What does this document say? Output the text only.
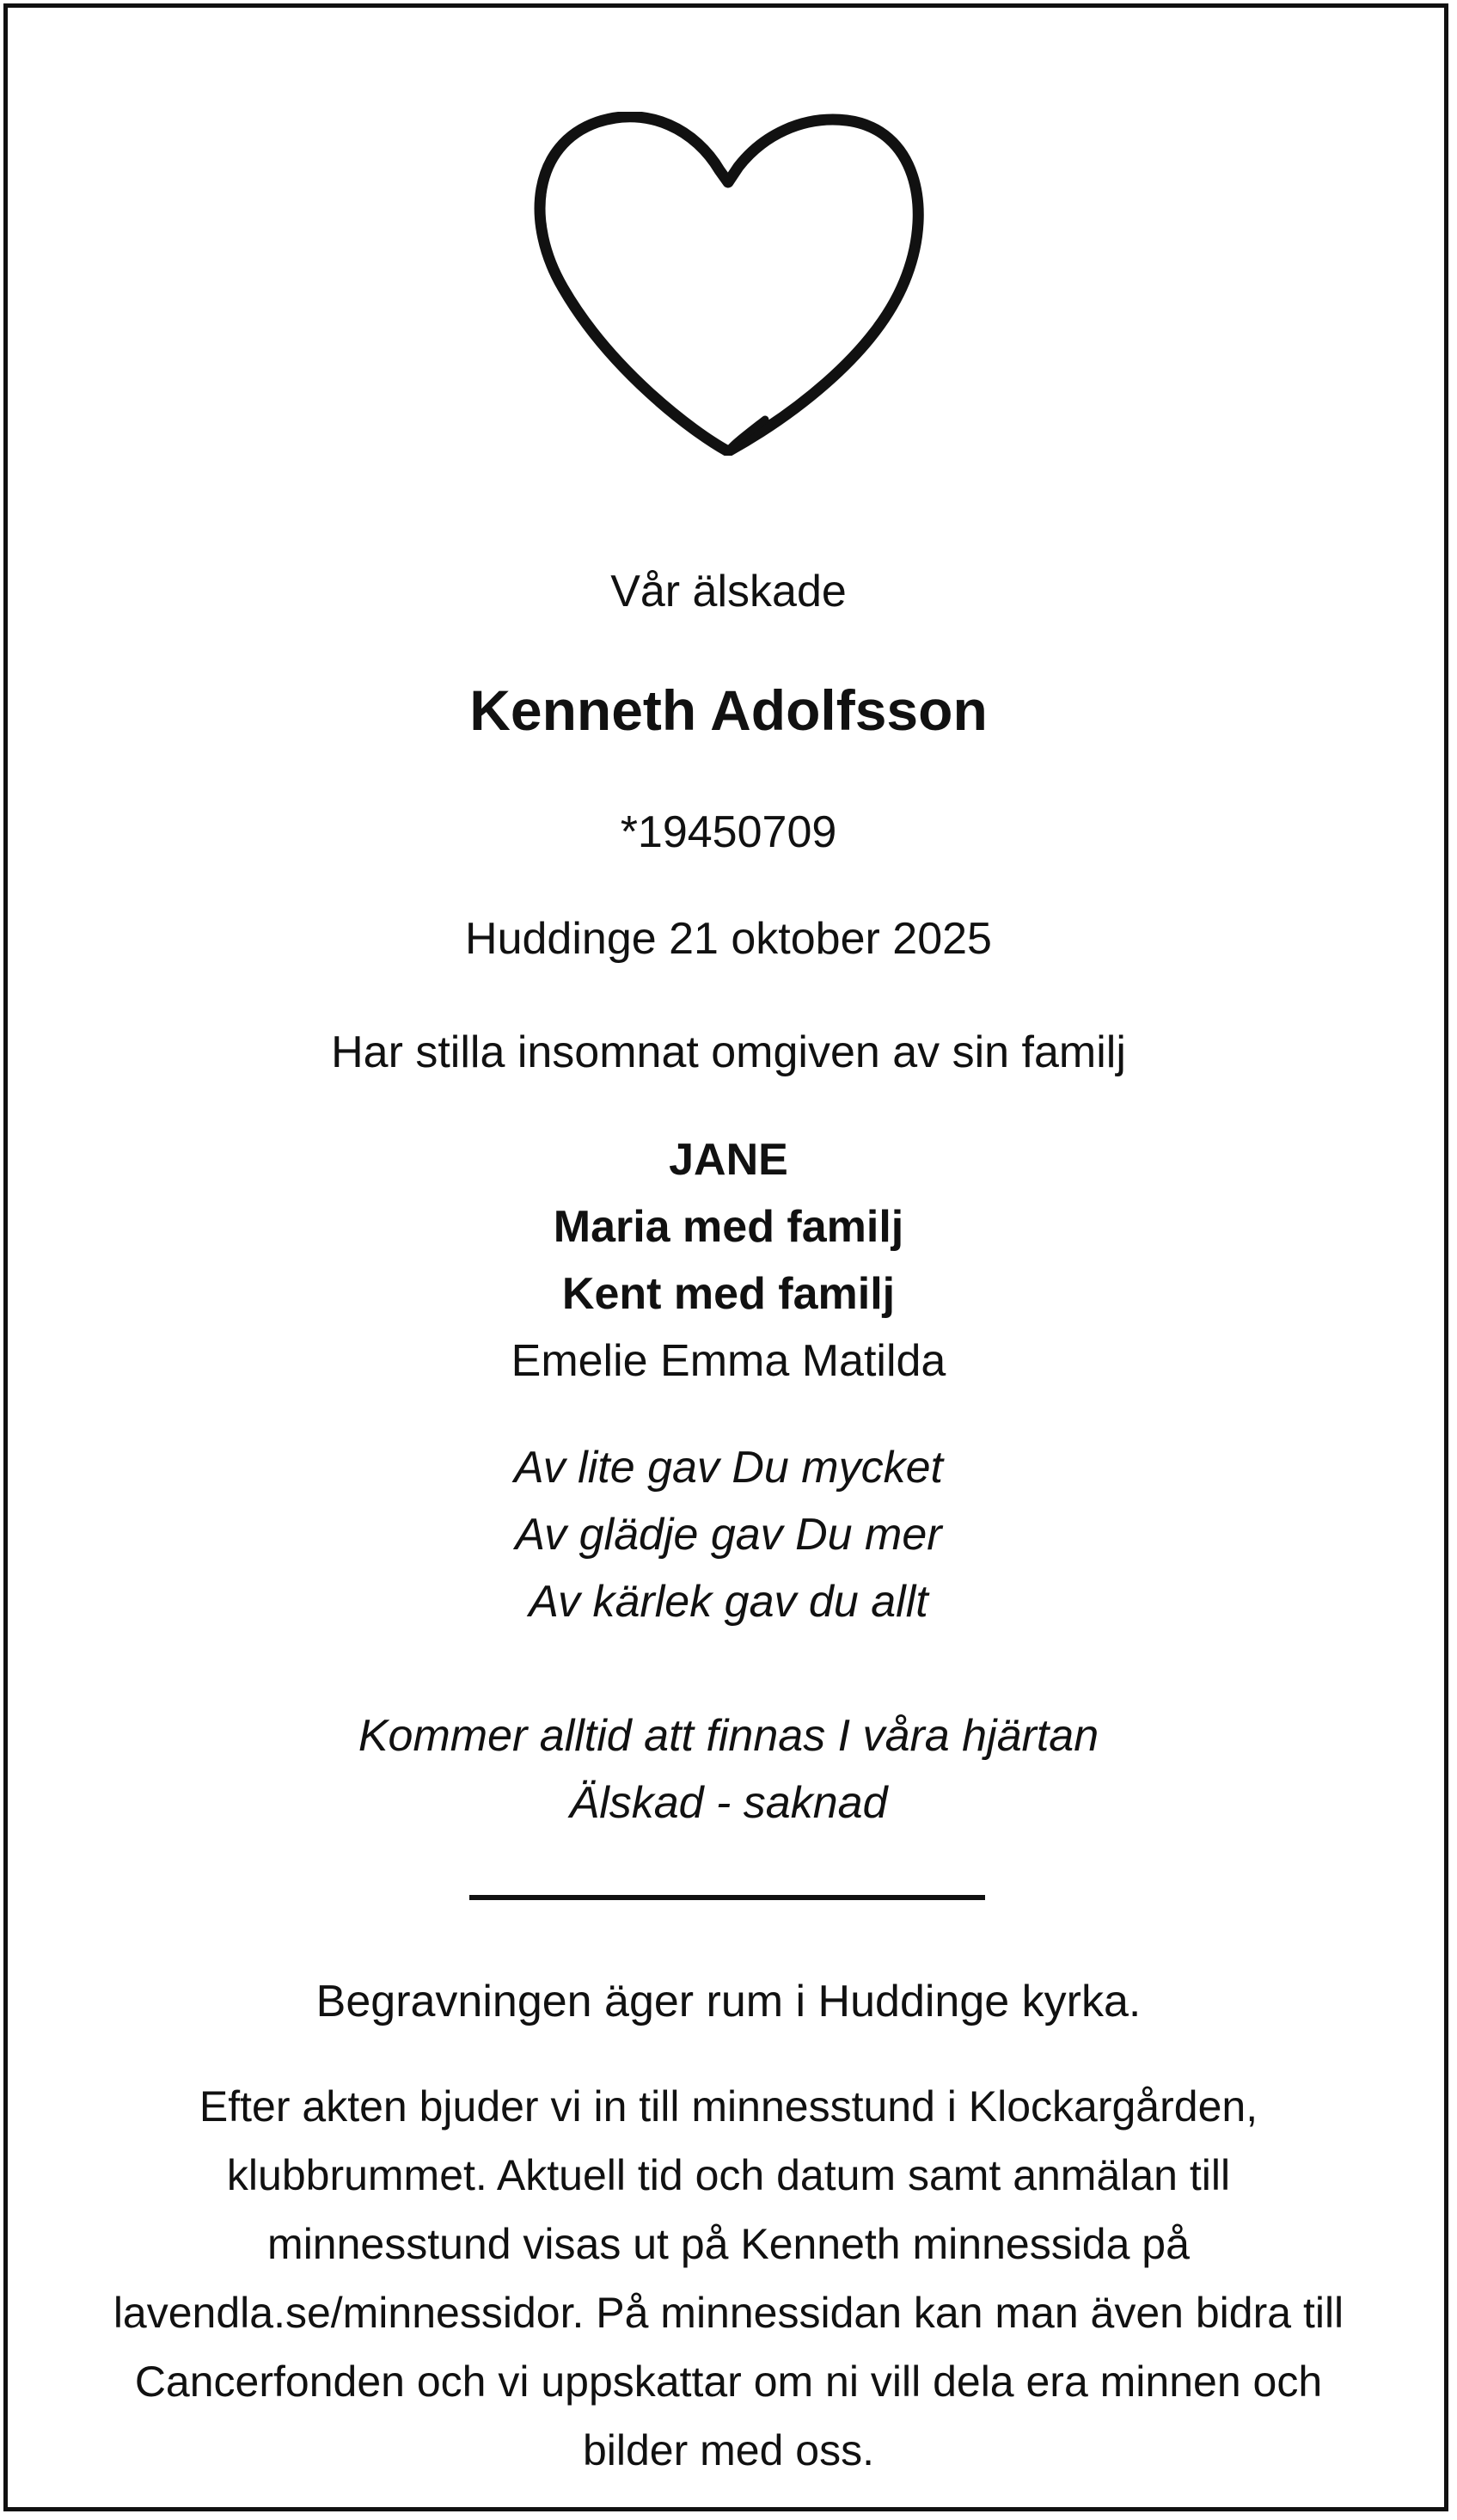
Vår älskade
Kenneth Adolfsson
*19450709
Huddinge 21 oktober 2025
Har stilla insomnat omgiven av sin familj
JANE
Maria med familj
Kent med familj
Emelie Emma Matilda
Av lite gav Du mycket
Av glädje gav Du mer
Av kärlek gav du allt
Kommer alltid att finnas I våra hjärtan
Älskad - saknad
Begravningen äger rum i Huddinge kyrka.
Efter akten bjuder vi in till minnesstund i Klockargården,
klubbrummet. Aktuell tid och datum samt anmälan till
minnesstund visas ut på Kenneth minnessida på
lavendla.se/minnessidor. På minnessidan kan man även bidra till
Cancerfonden och vi uppskattar om ni vill dela era minnen och
bilder med oss.
